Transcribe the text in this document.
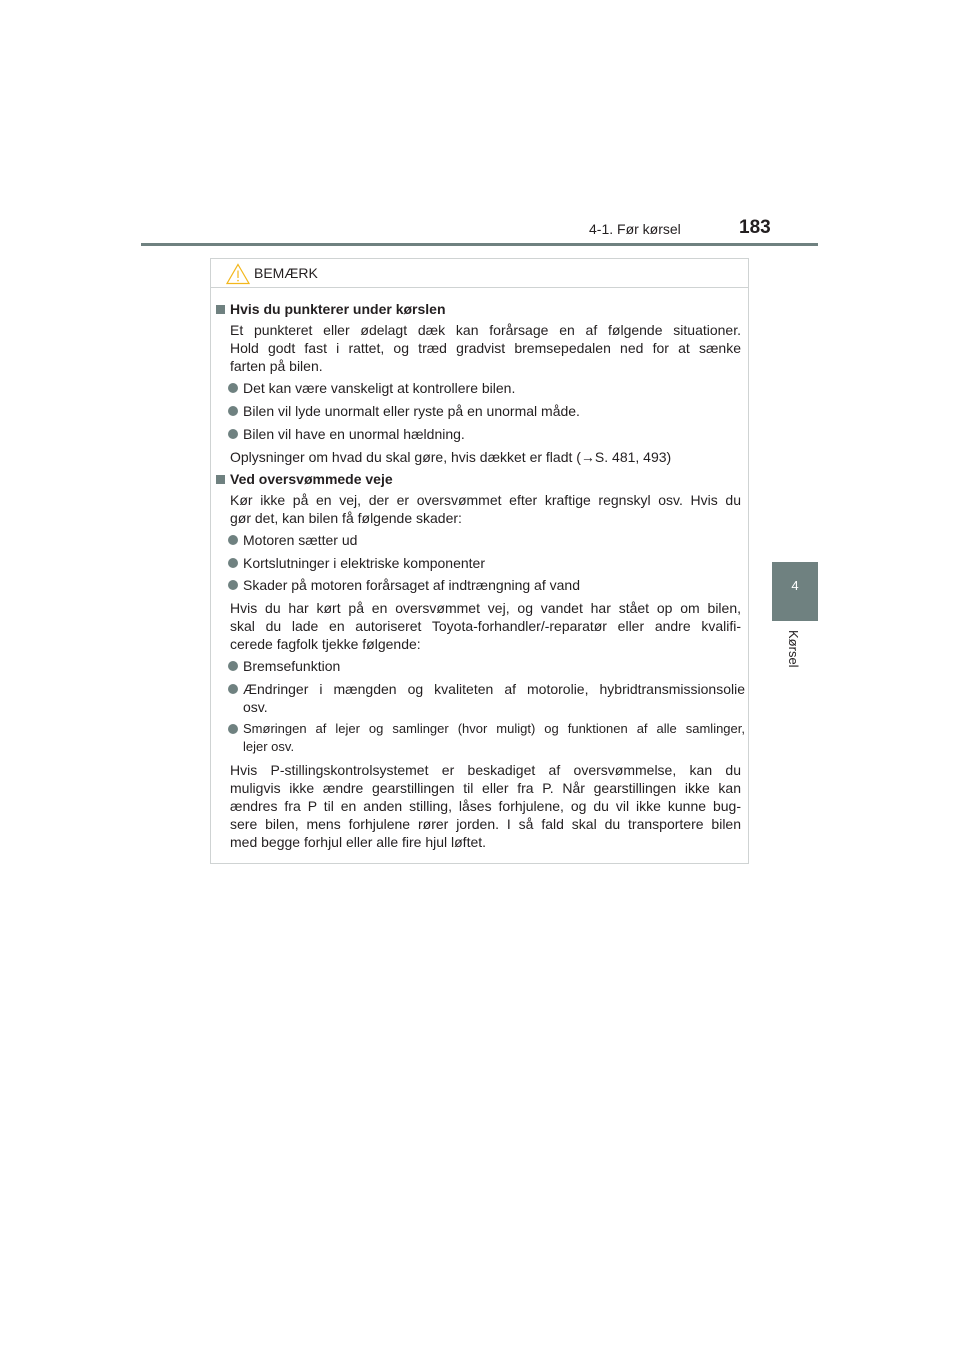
4-1. Før kørsel	183
4
Kørsel
BEMÆRK
Hvis du punkterer under kørslen
Et punkteret eller ødelagt dæk kan forårsage en af følgende situationer.
Hold godt fast i rattet, og træd gradvist bremsepedalen ned for at sænke
farten på bilen.
Det kan være vanskeligt at kontrollere bilen.
Bilen vil lyde unormalt eller ryste på en unormal måde.
Bilen vil have en unormal hældning.
Oplysninger om hvad du skal gøre, hvis dækket er fladt (→S. 481, 493)
Ved oversvømmede veje
Kør ikke på en vej, der er oversvømmet efter kraftige regnskyl osv. Hvis du
gør det, kan bilen få følgende skader:
Motoren sætter ud
Kortslutninger i elektriske komponenter
Skader på motoren forårsaget af indtrængning af vand
Hvis du har kørt på en oversvømmet vej, og vandet har stået op om bilen,
skal du lade en autoriseret Toyota-forhandler/-reparatør eller andre kvalifi-
cerede fagfolk tjekke følgende:
Bremsefunktion
Ændringer i mængden og kvaliteten af motorolie, hybridtransmissionsolie
osv.
Smøringen af lejer og samlinger (hvor muligt) og funktionen af alle samlinger,
lejer osv.
Hvis P-stillingskontrolsystemet er beskadiget af oversvømmelse, kan du
muligvis ikke ændre gearstillingen til eller fra P. Når gearstillingen ikke kan
ændres fra P til en anden stilling, låses forhjulene, og du vil ikke kunne bug-
sere bilen, mens forhjulene rører jorden. I så fald skal du transportere bilen
med begge forhjul eller alle fire hjul løftet.
